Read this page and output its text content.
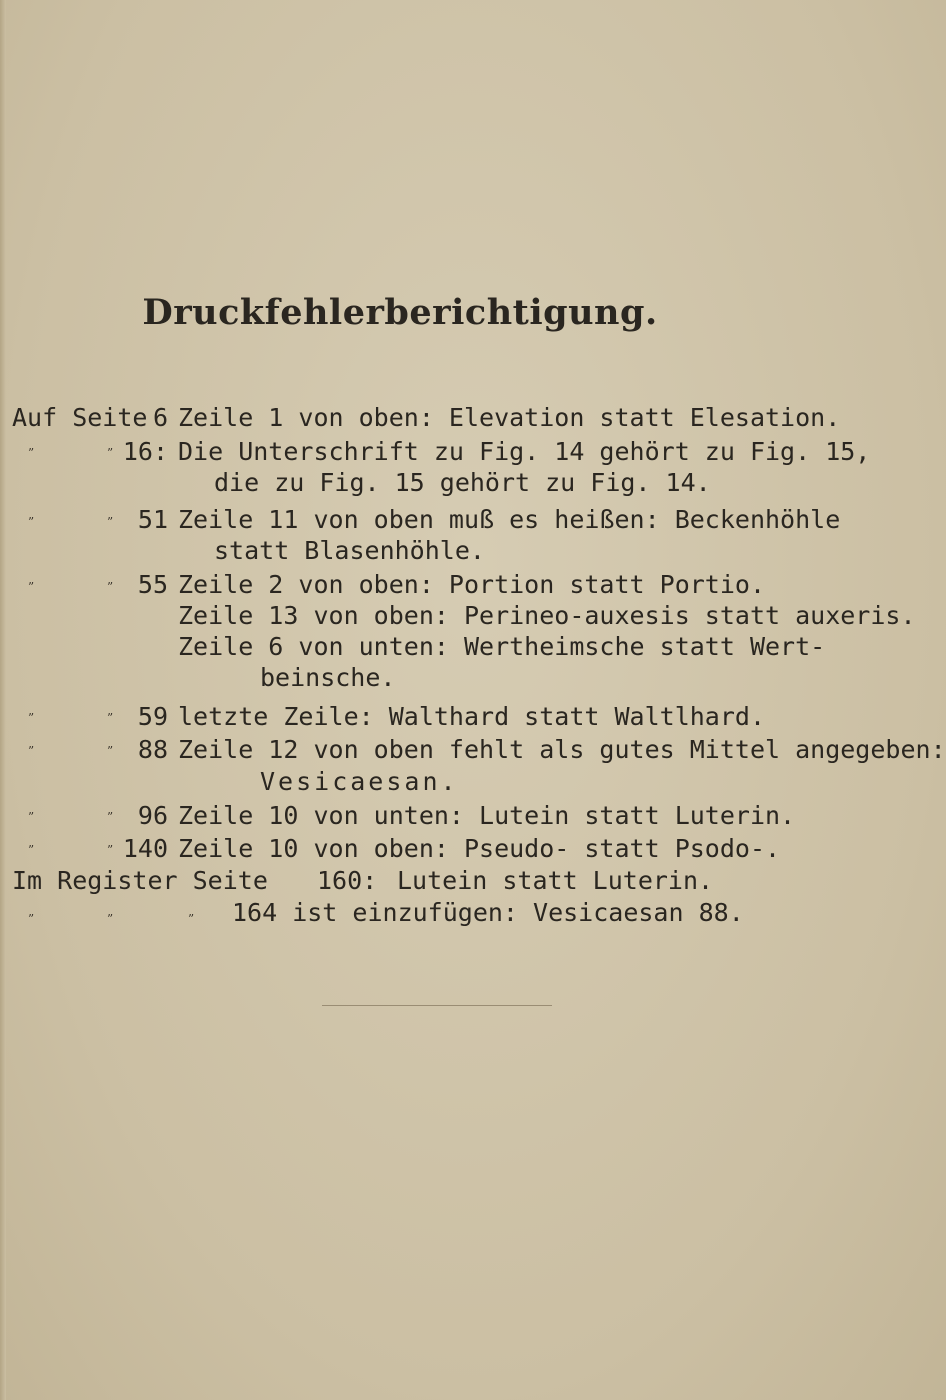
Druckfehlerberichtigung.
Auf Seite 6 Zeile 1 von oben: Elevation statt Elesation.
”	” 16: Die Unterschrift zu Fig. 14 gehört zu Fig. 15,
die zu Fig. 15 gehört zu Fig. 14.
”	” 51 Zeile 11 von oben muß es heißen: Beckenhöhle
statt Blasenhöhle.
”	” 55 Zeile 2 von oben: Portion statt Portio.
Zeile 13 von oben: Perineo-auxesis statt auxeris.
Zeile 6 von unten: Wertheimsche statt Wert-
beinsche.
”	” 59 letzte Zeile: Walthard statt Waltlhard.
”	” 88 Zeile 12 von oben fehlt als gutes Mittel angegeben:
Vesicaesan.
”	” 96 Zeile 10 von unten: Lutein statt Luterin.
”	” 140 Zeile 10 von oben: Pseudo- statt Psodo-.
Im Register Seite 160: Lutein statt Luterin.
”	”	” 164 ist einzufügen: Vesicaesan 88.
